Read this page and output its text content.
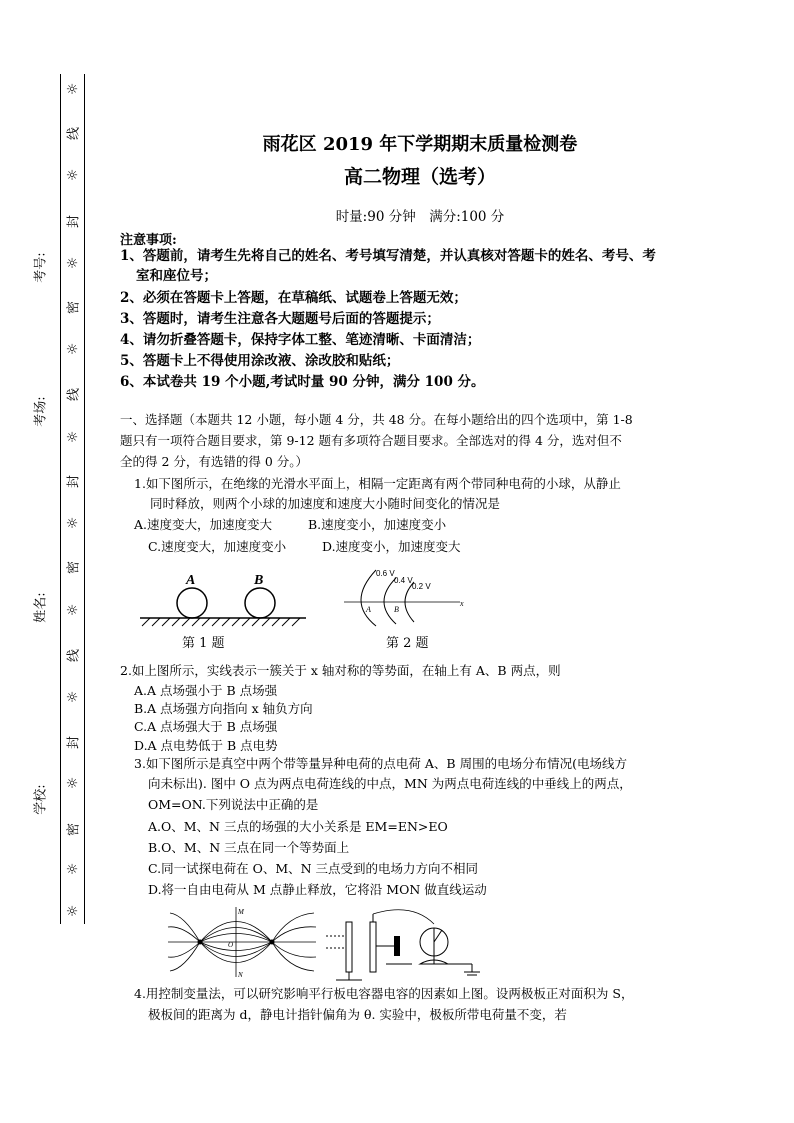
☼
线
☼
封
☼
密
☼
线
☼
封
☼
密
☼
线
☼
封
☼
密
☼
☼
考号:
考场:
姓名:
学校:
雨花区 2019 年下学期期末质量检测卷
高二物理（选考）
时量:90 分钟　满分:100 分
注意事项:
1、答题前，请考生先将自己的姓名、考号填写清楚，并认真核对答题卡的姓名、考号、考
室和座位号；
2、必须在答题卡上答题，在草稿纸、试题卷上答题无效；
3、答题时，请考生注意各大题题号后面的答题提示；
4、请勿折叠答题卡，保持字体工整、笔迹清晰、卡面清洁；
5、答题卡上不得使用涂改液、涂改胶和贴纸；
6、本试卷共 19 个小题,考试时量 90 分钟，满分 100 分。
一、选择题（本题共 12 小题，每小题 4 分，共 48 分。在每小题给出的四个选项中，第 1-8
题只有一项符合题目要求，第 9-12 题有多项符合题目要求。全部选对的得 4 分，选对但不
全的得 2 分，有选错的得 0 分。）
1.如下图所示，在绝缘的光滑水平面上，相隔一定距离有两个带同种电荷的小球，从静止
同时释放，则两个小球的加速度和速度大小随时间变化的情况是
A.速度变大，加速度变大	B.速度变小，加速度变小
C.速度变大，加速度变小	D.速度变小，加速度变大
A	B
第 1 题
0.6 V
0.4 V
0.2 V
A	B
x
第 2 题
2.如上图所示，实线表示一簇关于 x 轴对称的等势面，在轴上有 A、B 两点，则
A.A 点场强小于 B 点场强
B.A 点场强方向指向 x 轴负方向
C.A 点场强大于 B 点场强
D.A 点电势低于 B 点电势
3.如下图所示是真空中两个带等量异种电荷的点电荷 A、B 周围的电场分布情况(电场线方
向未标出). 图中 O 点为两点电荷连线的中点，MN 为两点电荷连线的中垂线上的两点，
OM=ON.下列说法中正确的是
A.O、M、N 三点的场强的大小关系是 EM=EN>EO
B.O、M、N 三点在同一个等势面上
C.同一试探电荷在 O、M、N 三点受到的电场力方向不相同
D.将一自由电荷从 M 点静止释放，它将沿 MON 做直线运动
M
O
N
4.用控制变量法，可以研究影响平行板电容器电容的因素如上图。设两极板正对面积为 S，
极板间的距离为 d，静电计指针偏角为 θ. 实验中，极板所带电荷量不变，若
